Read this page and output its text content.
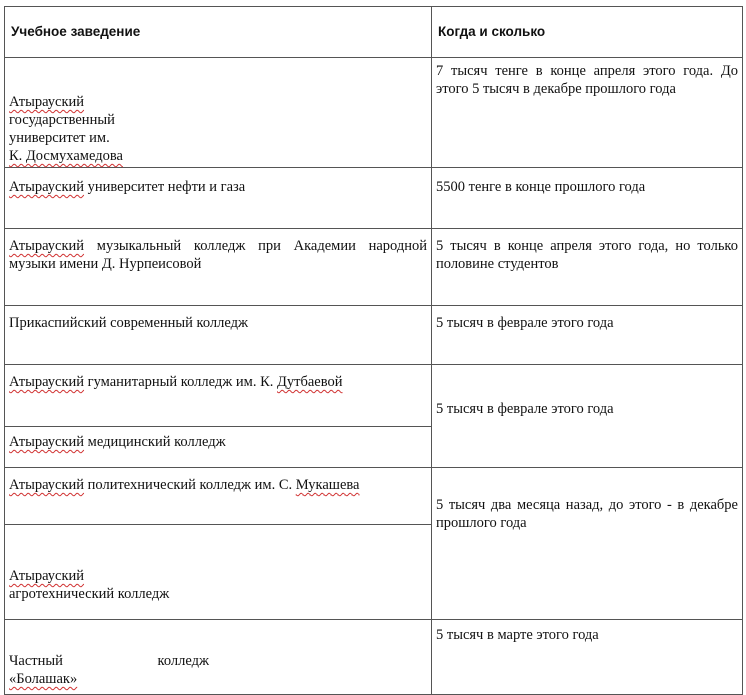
Учебное заведение	Когда и сколько

Атырауский
государственный
университет им.
К. Досмухамедова	7 тысяч тенге в конце апреля этого года. До этого 5 тысяч в декабре прошлого года
Атырауский университет нефти и газа	5500 тенге в конце прошлого года
Атырауский музыкальный колледж при Академии народной музыки имени Д. Нурпеисовой	5 тысяч в конце апреля этого года, но только половине студентов
Прикаспийский современный колледж	5 тысяч в феврале этого года
Атырауский гуманитарный колледж им. К. Дутбаевой	5 тысяч в феврале этого года
Атырауский медицинский колледж	
Атырауский политехнический колледж им. С. Мукашева	5 тысяч два месяца назад, до этого - в декабре прошлого года

Атырауский
агротехнический колледж	

Частный колледж
«Болашак»	5 тысяч в марте этого года
